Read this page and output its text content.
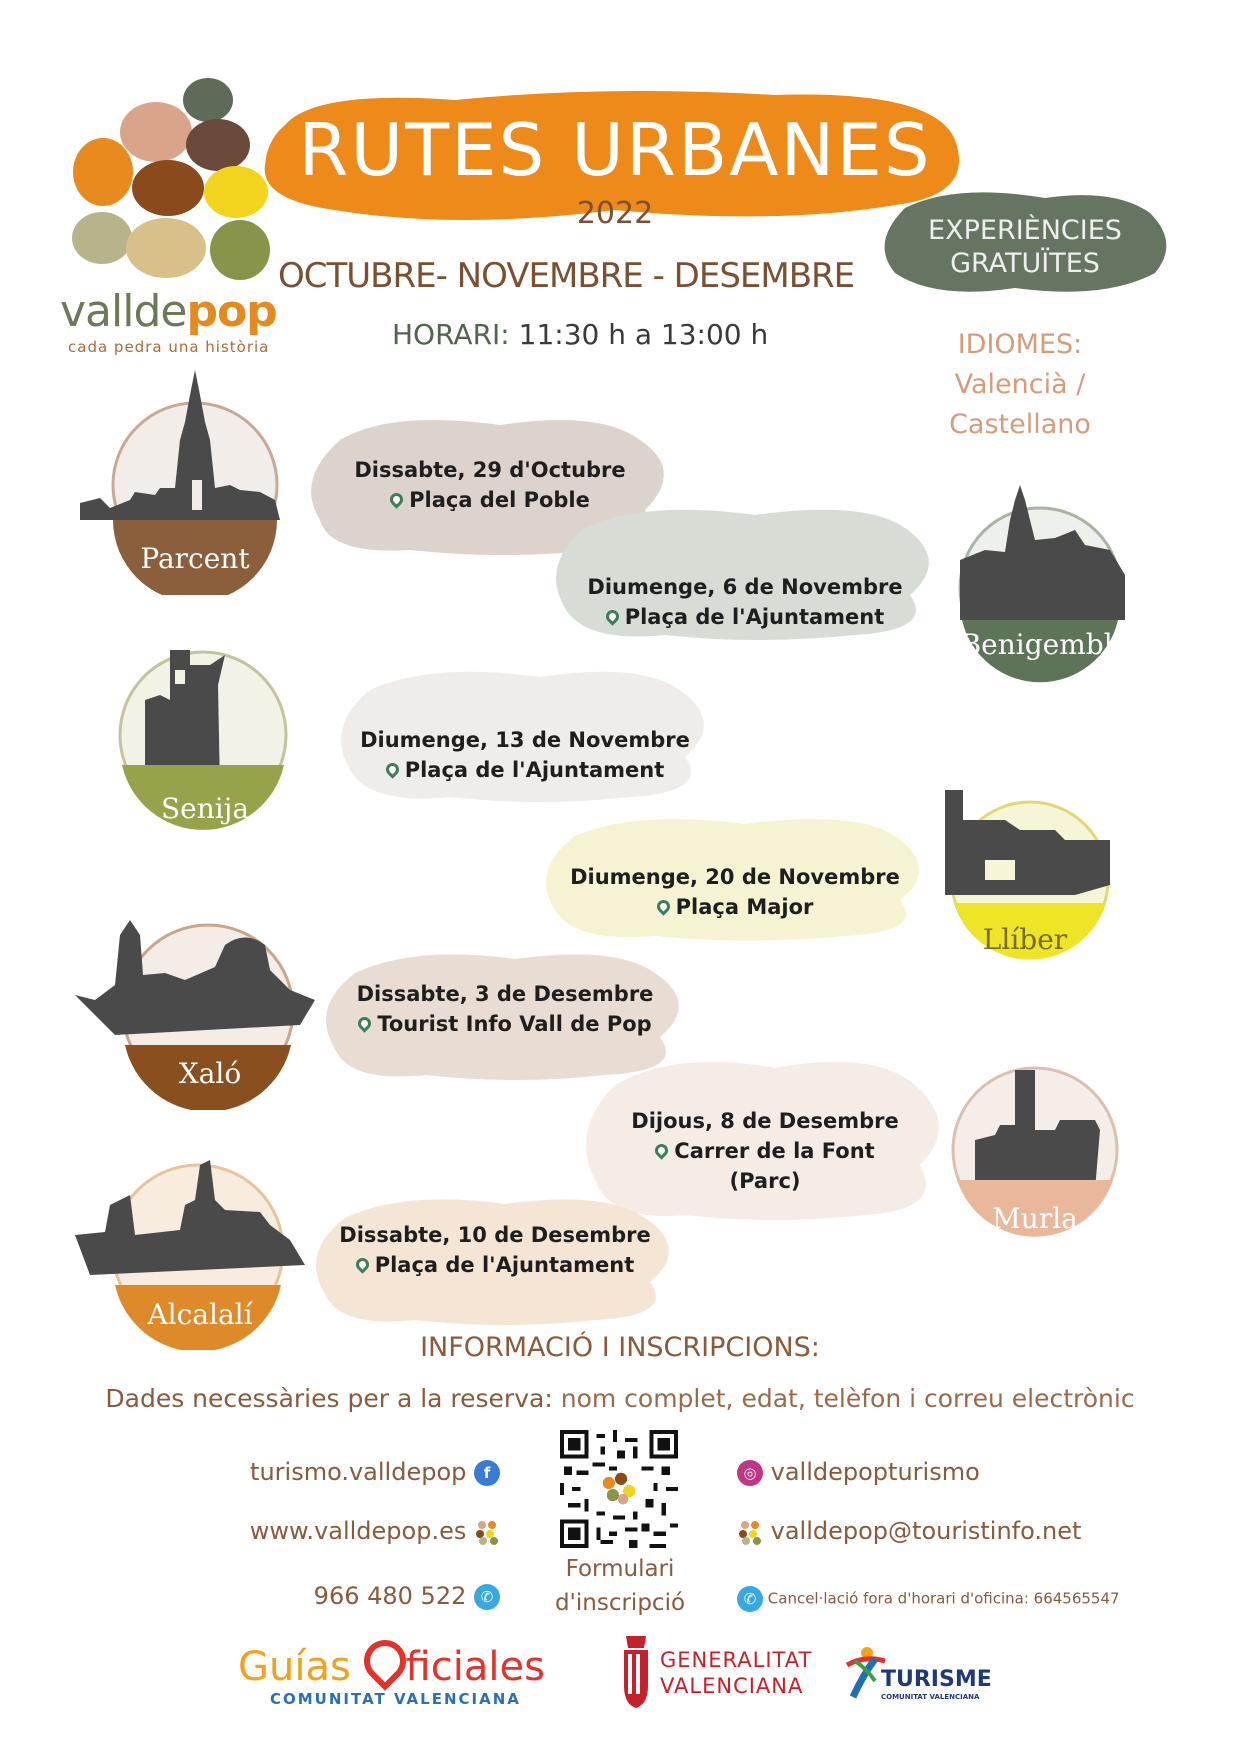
valldepop
cada pedra una història
RUTES URBANES
2022
OCTUBRE- NOVEMBRE - DESEMBRE
HORARI: 11:30 h a 13:00 h
EXPERIÈNCIES
GRATUÏTES
IDIOMES:
Valencià / Castellano
Dissabte, 29 d'Octubre
Plaça del Poble
Parcent
Diumenge, 6 de Novembre
Plaça de l'Ajuntament
Benigembla
Diumenge, 13 de Novembre
Plaça de l'Ajuntament
Senija
Diumenge, 20 de Novembre
Plaça Major
Llíber
Dissabte, 3 de Desembre
Tourist Info Vall de Pop
Xaló
Dijous, 8 de Desembre
Carrer de la Font
(Parc)
Murla
Dissabte, 10 de Desembre
Plaça de l'Ajuntament
Alcalalí
INFORMACIÓ I INSCRIPCIONS:
Dades necessàries per a la reserva: nom complet, edat, telèfon i correu electrònic
turismo.valldepop f
www.valldepop.es
966 480 522 ✆
Formulari
d'inscripció
◎ valldepopturismo
valldepop@touristinfo.net
✆ Cancel·lació fora d'horari d'oficina: 664565547
Guías ficiales
COMUNITAT VALENCIANA
GENERALITAT
VALENCIANA	TURISME
COMUNITAT VALENCIANA
